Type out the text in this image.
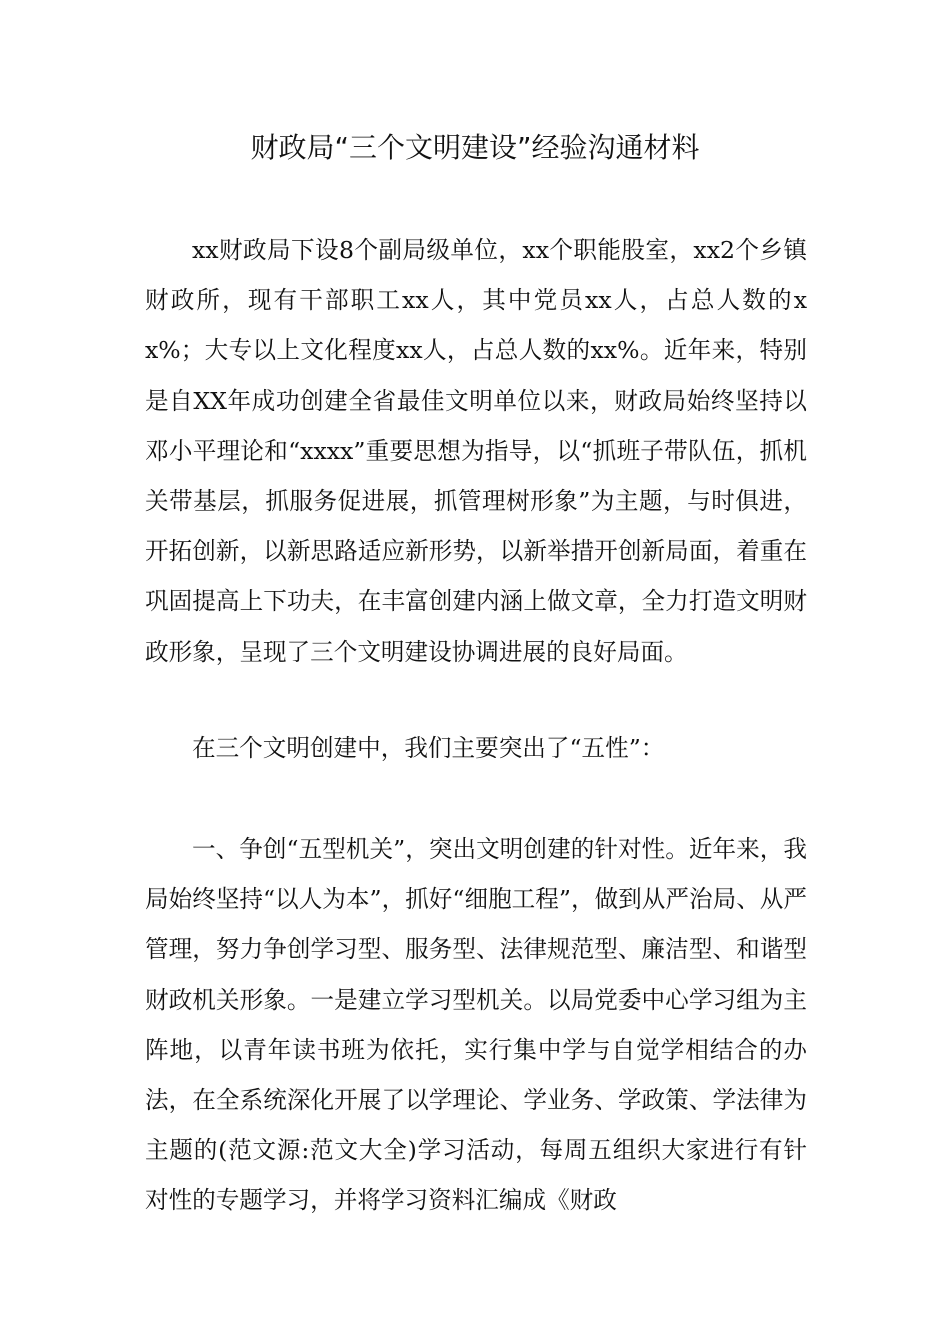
财政局“三个文明建设”经验沟通材料

xx财政局下设8个副局级单位，xx个职能股室，xx2个乡镇财政所，现有干部职工xx人，其中党员xx人，占总人数的xx%；大专以上文化程度xx人，占总人数的xx%。近年来，特别是自XX年成功创建全省最佳文明单位以来，财政局始终坚持以邓小平理论和“xxxx”重要思想为指导，以“抓班子带队伍，抓机关带基层，抓服务促进展，抓管理树形象”为主题，与时俱进，开拓创新，以新思路适应新形势，以新举措开创新局面，着重在巩固提高上下功夫，在丰富创建内涵上做文章，全力打造文明财政形象，呈现了三个文明建设协调进展的良好局面。

在三个文明创建中，我们主要突出了“五性”：

一、争创“五型机关”，突出文明创建的针对性。近年来，我局始终坚持“以人为本”，抓好“细胞工程”，做到从严治局、从严管理，努力争创学习型、服务型、法律规范型、廉洁型、和谐型财政机关形象。一是建立学习型机关。以局党委中心学习组为主阵地，以青年读书班为依托，实行集中学与自觉学相结合的办法，在全系统深化开展了以学理论、学业务、学政策、学法律为主题的(范文源:范文大全)学习活动，每周五组织大家进行有针对性的专题学习，并将学习资料汇编成《财政
